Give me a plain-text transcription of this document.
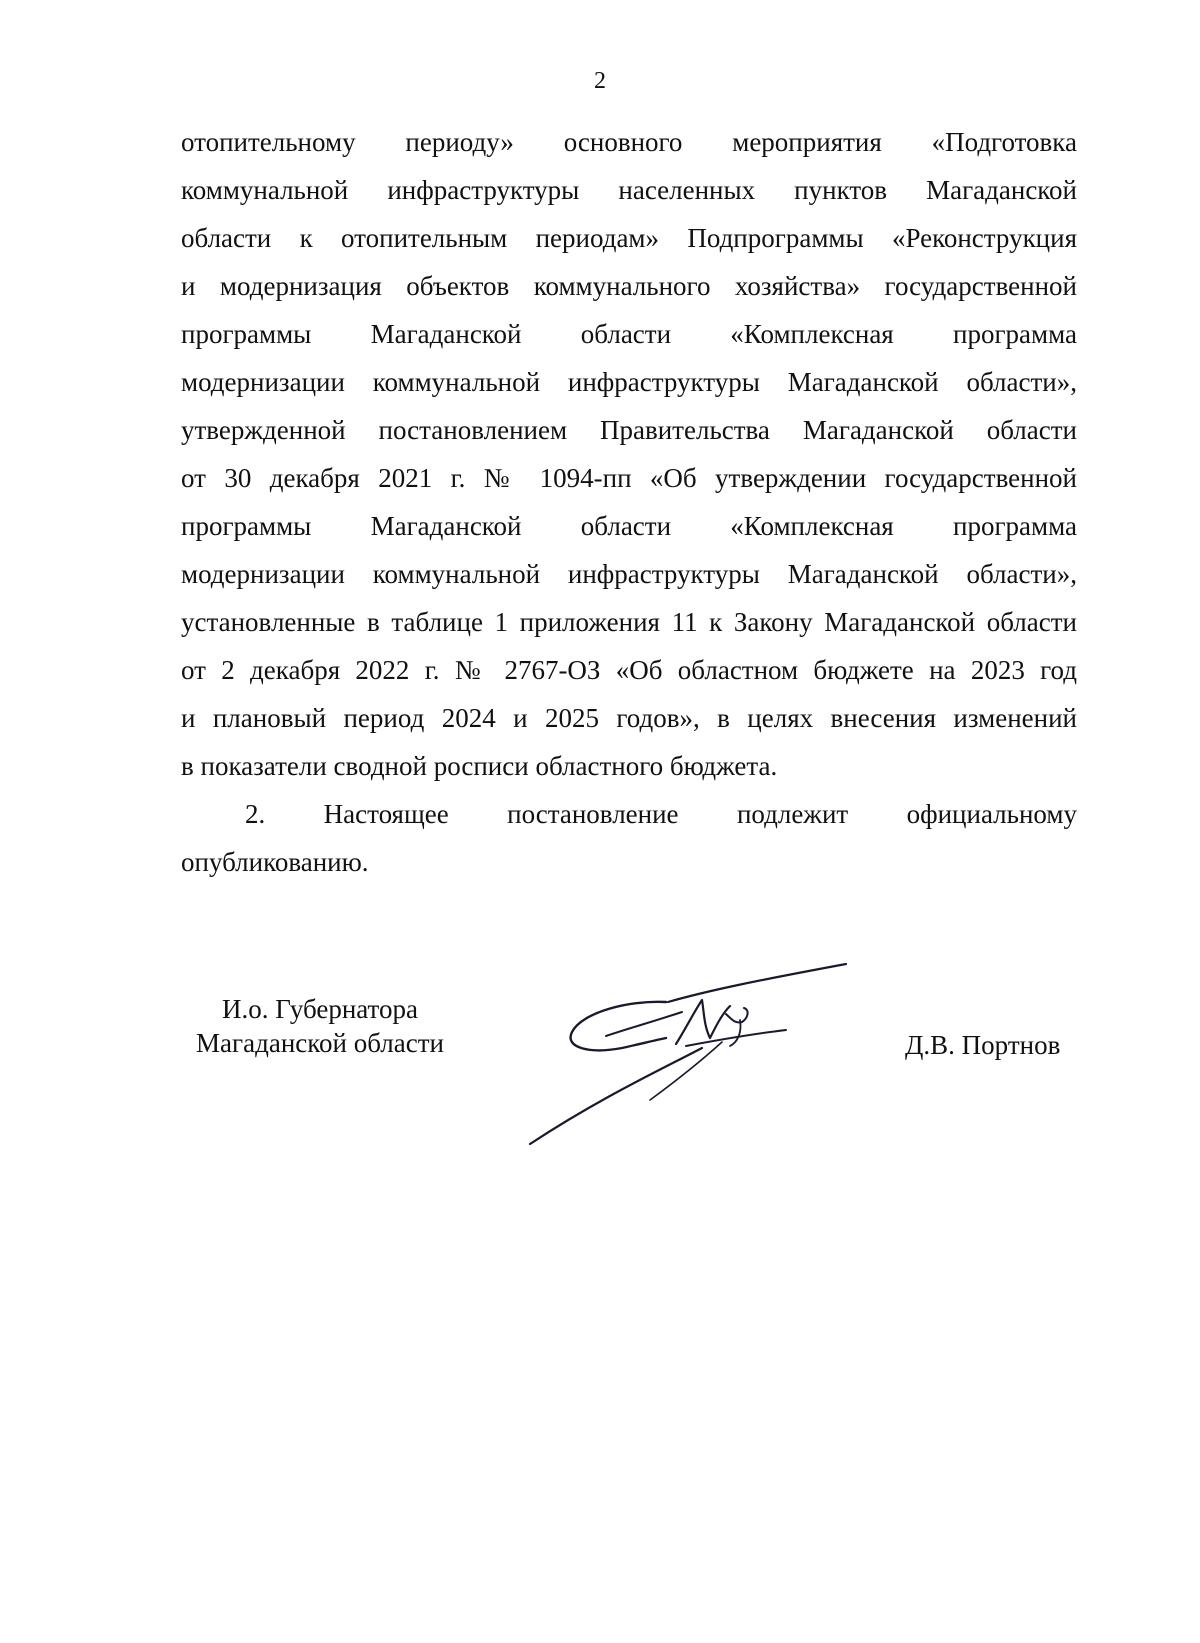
2

отопительному периоду» основного мероприятия «Подготовка
коммунальной инфраструктуры населенных пунктов Магаданской
области к отопительным периодам» Подпрограммы «Реконструкция
и модернизация объектов коммунального хозяйства» государственной
программы Магаданской области «Комплексная программа
модернизации коммунальной инфраструктуры Магаданской области»,
утвержденной постановлением Правительства Магаданской области
от 30 декабря 2021 г. № 1094-пп «Об утверждении государственной
программы Магаданской области «Комплексная программа
модернизации коммунальной инфраструктуры Магаданской области»,
установленные в таблице 1 приложения 11 к Закону Магаданской области
от 2 декабря 2022 г. № 2767-ОЗ «Об областном бюджете на 2023 год
и плановый период 2024 и 2025 годов», в целях внесения изменений
в показатели сводной росписи областного бюджета.

2. Настоящее постановление подлежит официальному
опубликованию.

И.о. Губернатора
Магаданской области	Д.В. Портнов
